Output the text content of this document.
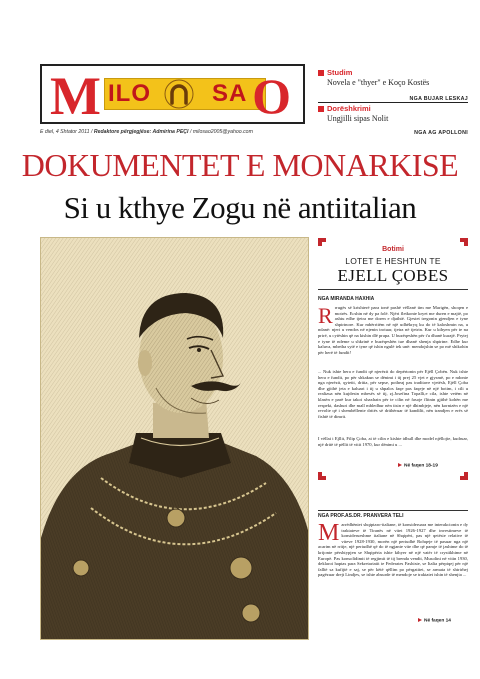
M ILO	SA O
E diel, 4 Shtator 2011 / Redaktore përgjegjëse: Admirina PEÇI / milosao2005@yahoo.com
Studim
Novela e "thyer" e Koço Kostës
NGA BUJAR LESKAJ
Dorëshkrimi
Ungjilli sipas Nolit
NGA AG APOLLONI
DOKUMENTET E MONARKISE
Si u kthye Zogu në antiitalian
Botimi
LOTET E HESHTUN TE
EJELL ÇOBES
NGA MIRANDA HAXHIA
Rrrugës së krishterë para tonë pashë vëllanë tim me Marigën, shoqen e motrës. Ecshin në dy pa folë. Njëri fletkonte kryet me duren e majtë, po ashtu edhe tjetra me doren e djathtë. Gjestet tregonin gjendjen e tyne shpirtnore. Kur mbërritëm në një udhëkryq ku do të kaloshmin na, u ndanë: njeri u vendos në njenin trotuar, tjetra në tjetrin. Kur u kthyen për te na prirë, u cytëshin që na kishin dlë prapa. U buzëqeshën për t'u dhanë kurajë. Prytej e tyne të ndeme u shkrinë e buzëqeshën tue dhanë shenja shpirtne. Edhe kur kaluva, mbetha sytë e tyne që ishin ngulë tek unë: mendojshin se po më shikohin për herë të fundit!
... Nuk ishte hera e fundit që njerëzit do depërtonin për Ejëll Çobën. Nuk ishte hera e fundit, po për shkakun se dënimi i tij prej 25 vjet e gjysmë, po e ndonte nga njerëzit, qytetit, dritia, për sepse, potheaj pas traditave vjetësh, Ejëll Çoba dhe gjithë jeta e kaluari i tij u shpalos faqe pas faqeje në një botim, i cili u realizua nën kujdesin mbesës së tij, zj.Josefina Topalli,e cila, ishte vetëm në klasën e parë kur takoi xhaxhain për te cilin në fasoje flitnin gjithë kohën me respekt, dashuri dhe mall mbledhur nën tisin e një dhimbjeje, nën kornizën e një revolte që i shembëllente dritës së drithëruar të kandilit, nën trandjen e erës së fishtë të dimrit.
I vëllai i Ejllit, Filip Çoba, ai të cilin e kishte idhull dhe model njëllojie, kudruar, një dritë të pëllit të vitit 1970, kur dënimi u ...
Në faqen 18-19
NGA PROF.AS.DR. PRANVERA TELI
Marrëdhëniet shqiptaro-italiane, të konsideruara me interakcionin e dy traktateve të Tiranës në vitet 1926-1927 dhe investimeve të konsiderueshme italiane në Shqipëri, pas një qetësie relative të viteve 1928-1930, morën një periudhë Rohqeje të pasuar nga një acarim në rritje, një periudhë që do të ngjante vite dhe që pamje të jashtme do të krijonte përshtypjen se Shqipëria ishte kthyer në një vatër të crystikhime në Europë. Pas konsolidimit të regjimit të tij brenda vendit, Musolini në vitin 1930, deklaroi haptas para Sekretariatit te Federates Fashiste, se Italia përpiqej për një falltë sa kufijtë e saj, se për këtë qëllim po përgatitet, se armata të shtrirhej pagëzuar drejt Lindjes, se ishte absurde të mendoje se traktatet ishin të shenjta ...
Në faqen 14
